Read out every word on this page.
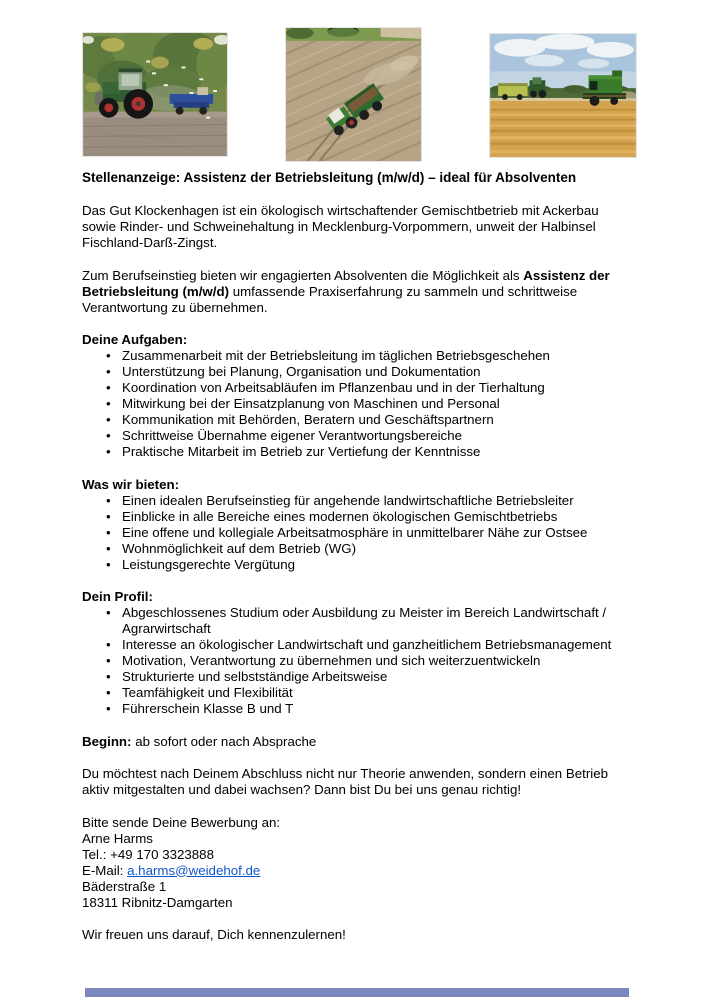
Stellenanzeige: Assistenz der Betriebsleitung (m/w/d) – ideal für Absolventen

Das Gut Klockenhagen ist ein ökologisch wirtschaftender Gemischtbetrieb mit Ackerbau sowie Rinder- und Schweinehaltung in Mecklenburg-Vorpommern, unweit der Halbinsel Fischland-Darß-Zingst.

Zum Berufseinstieg bieten wir engagierten Absolventen die Möglichkeit als Assistenz der Betriebsleitung (m/w/d) umfassende Praxiserfahrung zu sammeln und schrittweise Verantwortung zu übernehmen.

Deine Aufgaben:

• Zusammenarbeit mit der Betriebsleitung im täglichen Betriebsgeschehen
• Unterstützung bei Planung, Organisation und Dokumentation
• Koordination von Arbeitsabläufen im Pflanzenbau und in der Tierhaltung
• Mitwirkung bei der Einsatzplanung von Maschinen und Personal
• Kommunikation mit Behörden, Beratern und Geschäftspartnern
• Schrittweise Übernahme eigener Verantwortungsbereiche
• Praktische Mitarbeit im Betrieb zur Vertiefung der Kenntnisse

Was wir bieten:

• Einen idealen Berufseinstieg für angehende landwirtschaftliche Betriebsleiter
• Einblicke in alle Bereiche eines modernen ökologischen Gemischtbetriebs
• Eine offene und kollegiale Arbeitsatmosphäre in unmittelbarer Nähe zur Ostsee
• Wohnmöglichkeit auf dem Betrieb (WG)
• Leistungsgerechte Vergütung

Dein Profil:

• Abgeschlossenes Studium oder Ausbildung zu Meister im Bereich Landwirtschaft / Agrarwirtschaft
• Interesse an ökologischer Landwirtschaft und ganzheitlichem Betriebsmanagement
• Motivation, Verantwortung zu übernehmen und sich weiterzuentwickeln
• Strukturierte und selbstständige Arbeitsweise
• Teamfähigkeit und Flexibilität
• Führerschein Klasse B und T

Beginn: ab sofort oder nach Absprache

Du möchtest nach Deinem Abschluss nicht nur Theorie anwenden, sondern einen Betrieb aktiv mitgestalten und dabei wachsen? Dann bist Du bei uns genau richtig!

Bitte sende Deine Bewerbung an:

Arne Harms

Tel.: +49 170 3323888

E-Mail: a.harms@weidehof.de

Bäderstraße 1

18311 Ribnitz-Damgarten

Wir freuen uns darauf, Dich kennenzulernen!
